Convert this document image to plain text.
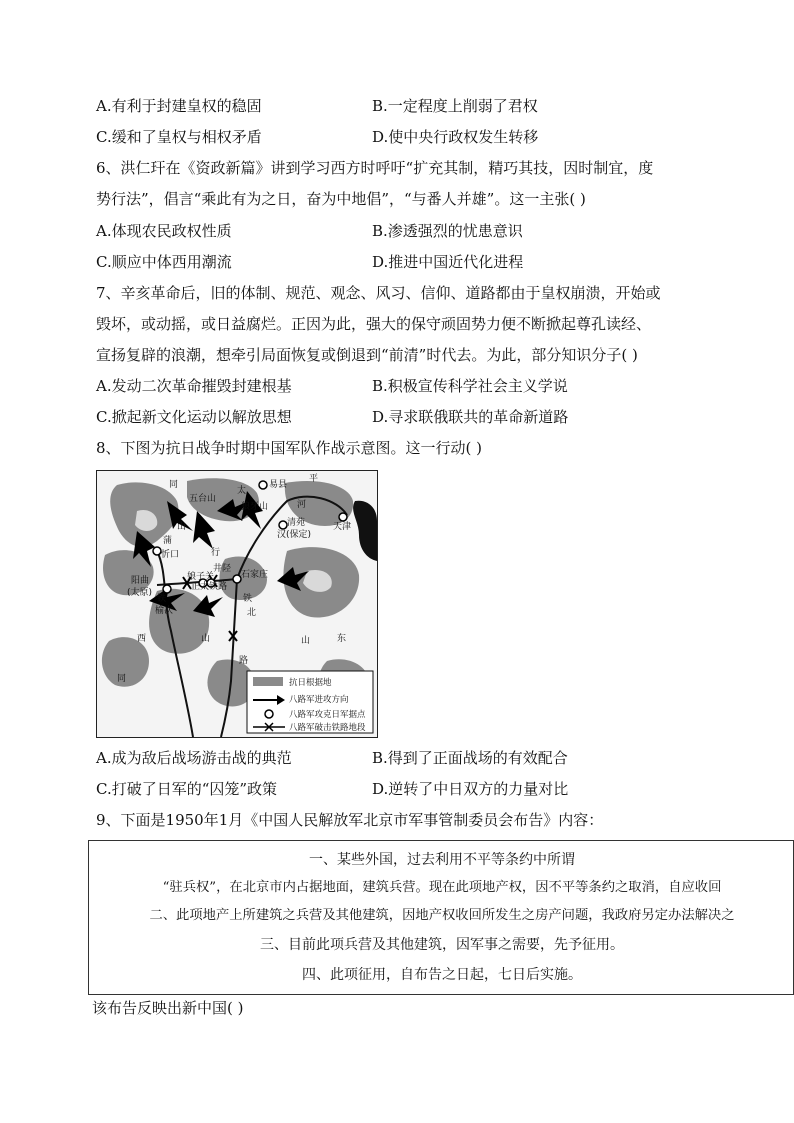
A.有利于封建皇权的稳固	B.一定程度上削弱了君权
C.缓和了皇权与相权矛盾	D.使中央行政权发生转移
6、洪仁玕在《资政新篇》讲到学习西方时呼吁“扩充其制，精巧其技，因时制宜，度
势行法”，倡言“乘此有为之日，奋为中地倡”，“与番人并雄”。这一主张( )
A.体现农民政权性质	B.渗透强烈的忧患意识
C.顺应中体西用潮流	D.推进中国近代化进程
7、辛亥革命后，旧的体制、规范、观念、风习、信仰、道路都由于皇权崩溃，开始或
毁坏，或动摇，或日益腐烂。正因为此，强大的保守顽固势力便不断掀起尊孔读经、
宣扬复辟的浪潮，想牵引局面恢复或倒退到“前清”时代去。为此，部分知识分子( )
A.发动二次革命摧毁封建根基	B.积极宣传科学社会主义学说
C.掀起新文化运动以解放思想	D.寻求联俄联共的革命新道路
8、下图为抗日战争时期中国军队作战示意图。这一行动( )
同
五台山
太
易县
平
狼牙山	河
山
蒲
忻口
清苑
汉(保定)
天津
行
井陉
娘子关	石家庄
阳曲
(太原)
正太铁路
榆次
铁	铁
北
山	山	东
西
路
同	抗日根据地
八路军进攻方向
八路军攻克日军据点
八路军破击铁路地段
A.成为敌后战场游击战的典范	B.得到了正面战场的有效配合
C.打破了日军的“囚笼”政策	D.逆转了中日双方的力量对比
9、下面是1950年1月《中国人民解放军北京市军事管制委员会布告》内容：
一、某些外国，过去利用不平等条约中所谓
“驻兵权”，在北京市内占据地面，建筑兵营。现在此项地产权，因不平等条约之取消，自应收回
二、此项地产上所建筑之兵营及其他建筑，因地产权收回所发生之房产问题，我政府另定办法解决之
三、目前此项兵营及其他建筑，因军事之需要，先予征用。
四、此项征用，自布告之日起，七日后实施。
该布告反映出新中国( )
